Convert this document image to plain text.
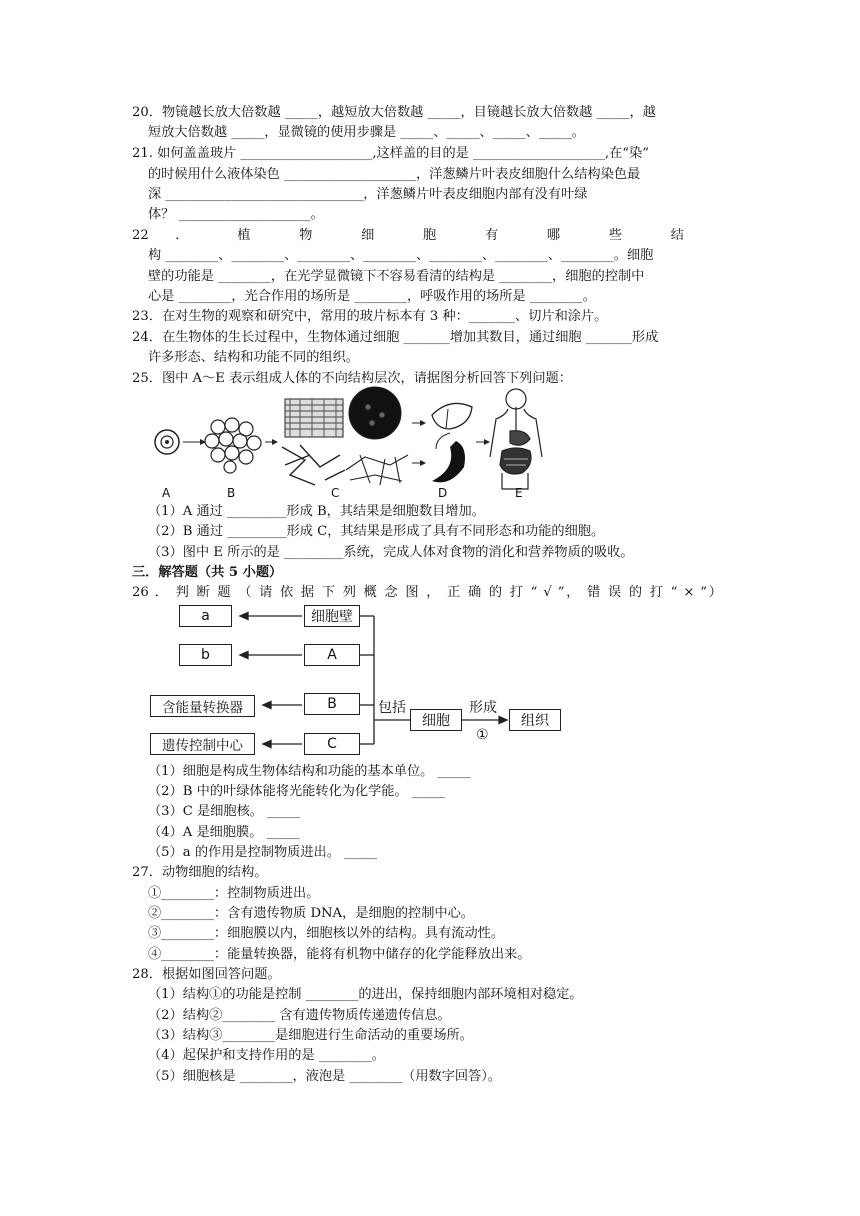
20．物镜越长放大倍数越 _____，越短放大倍数越 _____，目镜越长放大倍数越 _____，越
短放大倍数越 _____，显微镜的使用步骤是 _____、_____、_____、_____。
21. 如何盖盖玻片 ____________________,这样盖的目的是 ____________________,在“染”
的时候用什么液体染色 ____________________，洋葱鳞片叶表皮细胞什么结构染色最
深 ______________________________，洋葱鳞片叶表皮细胞内部有没有叶绿
体？ ____________________。
22 ． 植 物 细 胞 有 哪 些 结
构 ________、________、________、________、________、________、________。细胞
壁的功能是 ________，在光学显微镜下不容易看清的结构是 ________，细胞的控制中
心是 ________，光合作用的场所是 ________，呼吸作用的场所是 ________。
23．在对生物的观察和研究中，常用的玻片标本有 3 种：_______、切片和涂片。
24．在生物体的生长过程中，生物体通过细胞 _______增加其数目，通过细胞 _______形成
许多形态、结构和功能不同的组织。
25．图中 A～E 表示组成人体的不向结构层次，请据图分析回答下列问题：
A	B	C	D	E
（1）A 通过 _________形成 B，其结果是细胞数目增加。
（2）B 通过 _________形成 C，其结果是形成了具有不同形态和功能的细胞。
（3）图中 E 所示的是 _________系统，完成人体对食物的消化和营养物质的吸收。
三．解答题（共 5 小题）
26 ． 判 断 题 （ 请 依 据 下 列 概 念 图 ， 正 确 的 打 “ √ ”， 错 误 的 打 “ × ”）
a
b
含能量转换器
遗传控制中心
细胞壁
A
B
C
细胞	组织
包括	形成
①
（1）细胞是构成生物体结构和功能的基本单位。 _____
（2）B 中的叶绿体能将光能转化为化学能。 _____
（3）C 是细胞核。 _____
（4）A 是细胞膜。 _____
（5）a 的作用是控制物质进出。 _____
27．动物细胞的结构。
①________：控制物质进出。
②________：含有遗传物质 DNA，是细胞的控制中心。
③________：细胞膜以内，细胞核以外的结构。具有流动性。
④________：能量转换器，能将有机物中储存的化学能释放出来。
28．根据如图回答问题。
（1）结构①的功能是控制 ________的进出，保持细胞内部环境相对稳定。
（2）结构②________ 含有遗传物质传递遗传信息。
（3）结构③________是细胞进行生命活动的重要场所。
（4）起保护和支持作用的是 ________。
（5）细胞核是 ________，液泡是 ________（用数字回答）。
